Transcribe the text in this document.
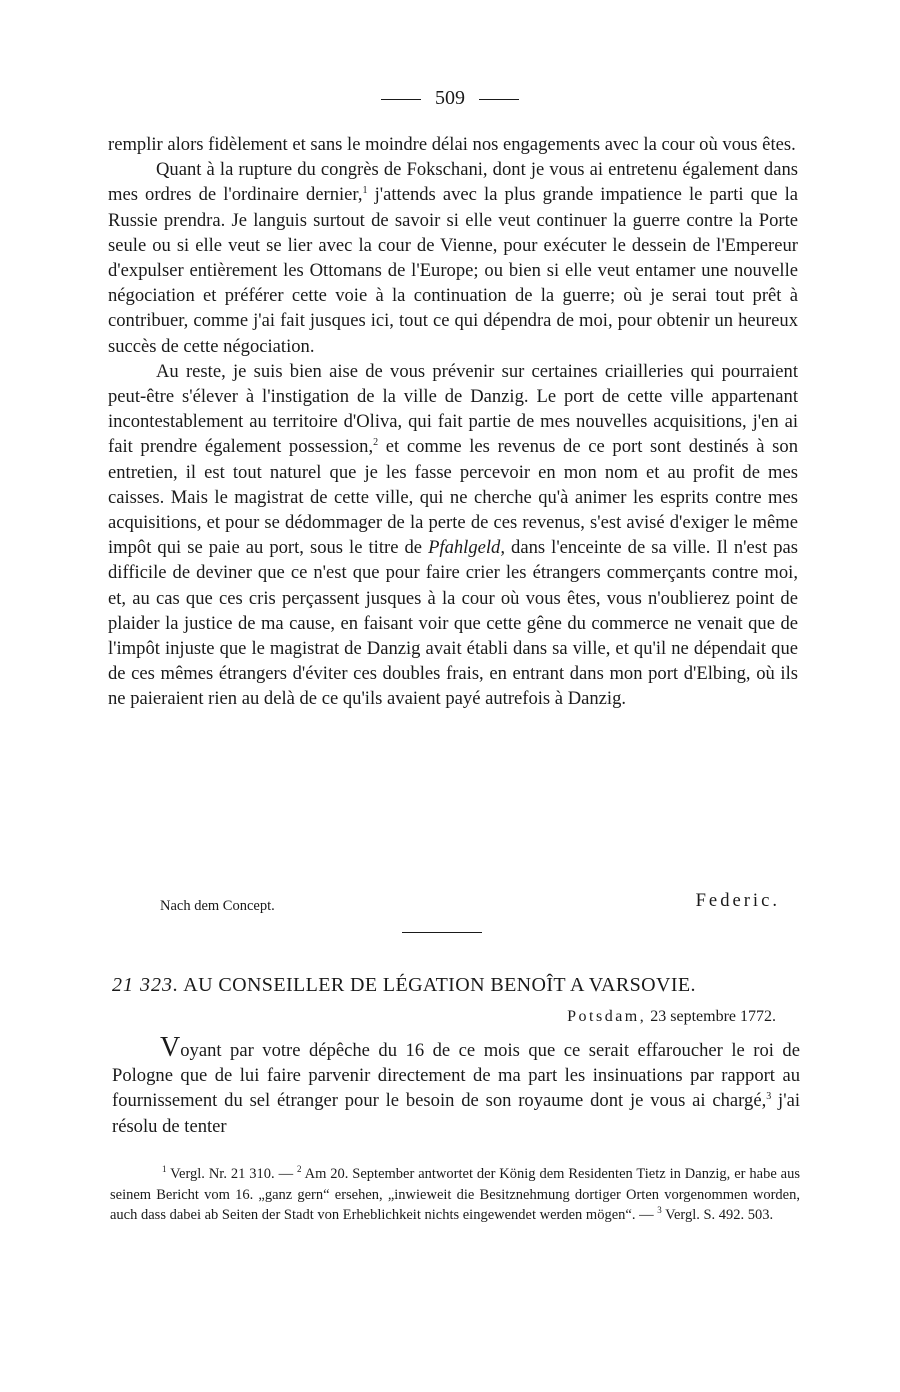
509

remplir alors fidèlement et sans le moindre délai nos engagements avec la cour où vous êtes.

Quant à la rupture du congrès de Fokschani, dont je vous ai entretenu également dans mes ordres de l'ordinaire dernier,$^1$ j'attends avec la plus grande impatience le parti que la Russie prendra. Je languis surtout de savoir si elle veut continuer la guerre contre la Porte seule ou si elle veut se lier avec la cour de Vienne, pour exécuter le dessein de l'Empereur d'expulser entièrement les Ottomans de l'Europe; ou bien si elle veut entamer une nouvelle négociation et préférer cette voie à la continuation de la guerre; où je serai tout prêt à contribuer, comme j'ai fait jusques ici, tout ce qui dépendra de moi, pour obtenir un heureux succès de cette négociation.

Au reste, je suis bien aise de vous prévenir sur certaines criailleries qui pourraient peut-être s'élever à l'instigation de la ville de Danzig. Le port de cette ville appartenant incontestablement au territoire d'Oliva, qui fait partie de mes nouvelles acquisitions, j'en ai fait prendre également possession,$^2$ et comme les revenus de ce port sont destinés à son entretien, il est tout naturel que je les fasse percevoir en mon nom et au profit de mes caisses. Mais le magistrat de cette ville, qui ne cherche qu'à animer les esprits contre mes acquisitions, et pour se dédommager de la perte de ces revenus, s'est avisé d'exiger le même impôt qui se paie au port, sous le titre de Pfahlgeld, dans l'enceinte de sa ville. Il n'est pas difficile de deviner que ce n'est que pour faire crier les étrangers commerçants contre moi, et, au cas que ces cris perçassent jusques à la cour où vous êtes, vous n'oublierez point de plaider la justice de ma cause, en faisant voir que cette gêne du commerce ne venait que de l'impôt injuste que le magistrat de Danzig avait établi dans sa ville, et qu'il ne dépendait que de ces mêmes étrangers d'éviter ces doubles frais, en entrant dans mon port d'Elbing, où ils ne paieraient rien au delà de ce qu'ils avaient payé autrefois à Danzig.

Nach dem Concept.	Federic.
21 323. AU CONSEILLER DE LÉGATION BENOÎT A VARSOVIE.
Potsdam, 23 septembre 1772.

Voyant par votre dépêche du 16 de ce mois que ce serait effaroucher le roi de Pologne que de lui faire parvenir directement de ma part les insinuations par rapport au fournissement du sel étranger pour le besoin de son royaume dont je vous ai chargé,$^3$ j'ai résolu de tenter

$^1$ Vergl. Nr. 21 310. — $^2$ Am 20. September antwortet der König dem Residenten Tietz in Danzig, er habe aus seinem Bericht vom 16. „ganz gern“ ersehen, „inwieweit die Besitznehmung dortiger Orten vorgenommen worden, auch dass dabei ab Seiten der Stadt von Erheblichkeit nichts eingewendet werden mögen“. — $^3$ Vergl. S. 492. 503.
